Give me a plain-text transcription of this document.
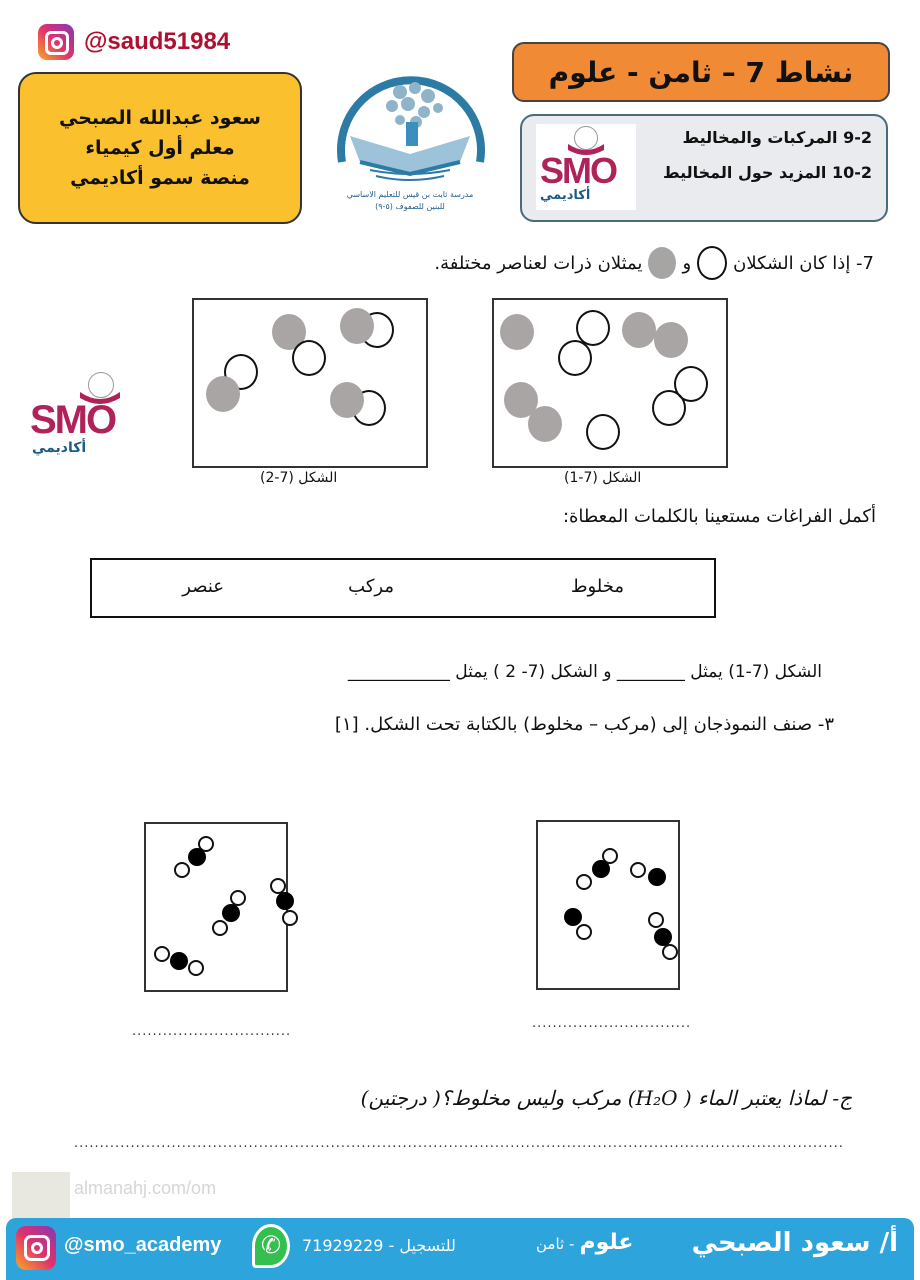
@saud51984
سعود عبدالله الصبحي
معلم أول كيمياء
منصة سمو أكاديمي
مدرسة ثابت بن قيس للتعليم الاساسي
للبنين للصفوف (٥-٩)
نشاط 7 – ثامن - علوم
9-2 المركبات والمخاليط
10-2 المزيد حول المخاليط
SMO
أكاديمي
SMO
أكاديمي
7- إذا كان الشكلان
و
يمثلان ذرات لعناصر مختلفة.
الشكل (7-1)
الشكل (7-2)
أكمل الفراغات مستعينا بالكلمات المعطاة:
مخلوط
مركب
عنصر
الشكل (7-1) يمثل ________ و الشكل (7- 2 ) يمثل ____________
٣- صنف النموذجان إلى (مركب – مخلوط) بالكتابة تحت الشكل. [١]
...............................
...............................
ج- لماذا يعتبر الماء ( H₂O) مركب وليس مخلوط؟( درجتين)
......................................................................................................................................................
almanahj.com/om
@smo_academy ✆	للتسجيل - 71929229	علوم - ثامن	أ/ سعود الصبحي
